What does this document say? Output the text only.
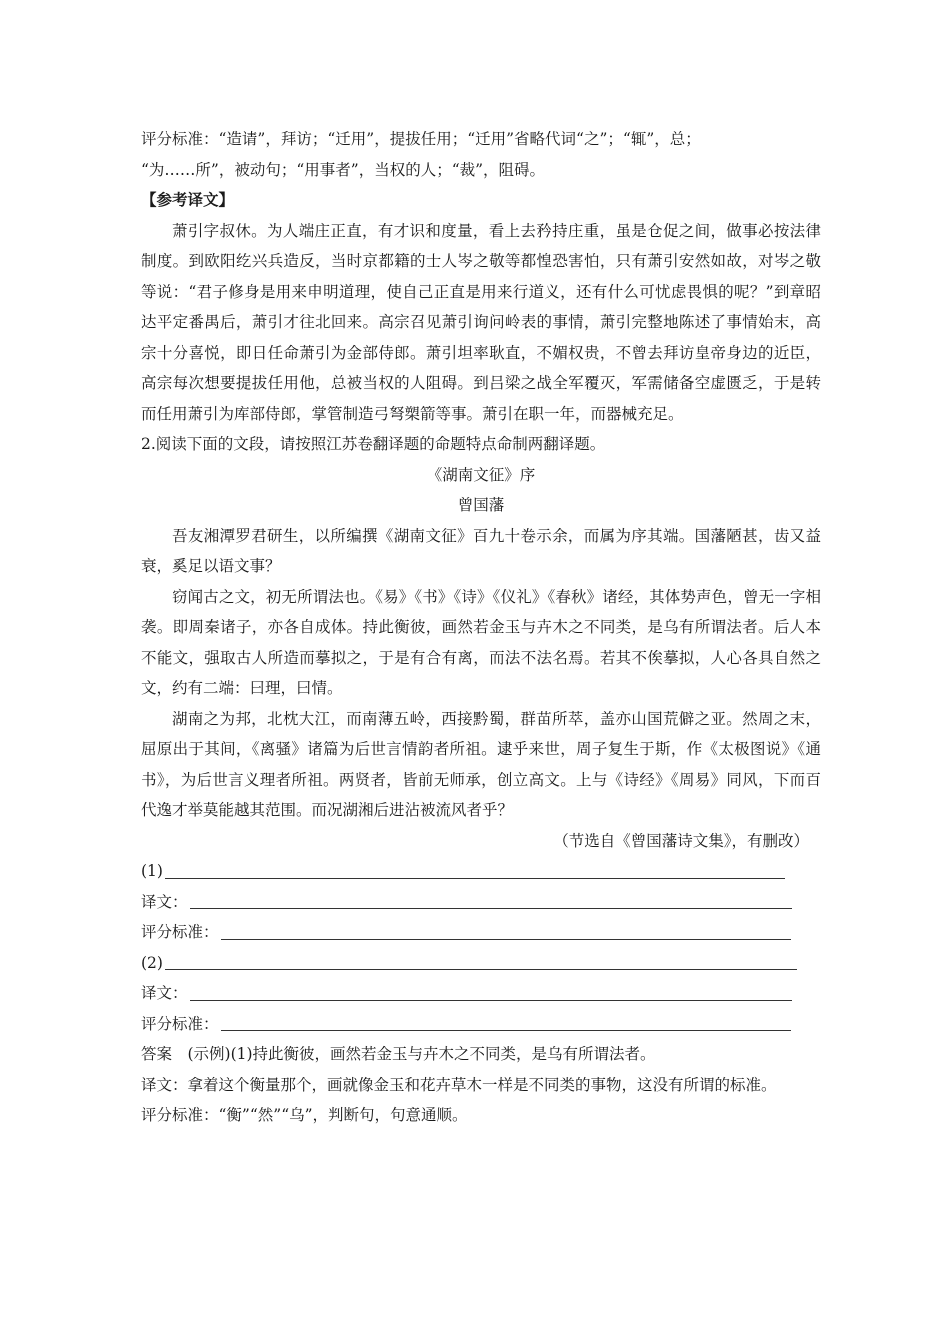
评分标准：“造请”，拜访；“迁用”，提拔任用；“迁用”省略代词“之”；“辄”，总；
“为……所”，被动句；“用事者”，当权的人；“裁”，阻碍。
【参考译文】
萧引字叔休。为人端庄正直，有才识和度量，看上去矜持庄重，虽是仓促之间，做事必按法律制度。到欧阳纥兴兵造反，当时京都籍的士人岑之敬等都惶恐害怕，只有萧引安然如故，对岑之敬等说：“君子修身是用来申明道理，使自己正直是用来行道义，还有什么可忧虑畏惧的呢？”到章昭达平定番禺后，萧引才往北回来。高宗召见萧引询问岭表的事情，萧引完整地陈述了事情始末，高宗十分喜悦，即日任命萧引为金部侍郎。萧引坦率耿直，不媚权贵，不曾去拜访皇帝身边的近臣，高宗每次想要提拔任用他，总被当权的人阻碍。到吕梁之战全军覆灭，军需储备空虚匮乏，于是转而任用萧引为库部侍郎，掌管制造弓弩槊箭等事。萧引在职一年，而器械充足。
2.阅读下面的文段，请按照江苏卷翻译题的命题特点命制两翻译题。
《湖南文征》序
曾国藩
吾友湘潭罗君研生，以所编撰《湖南文征》百九十卷示余，而属为序其端。国藩陋甚，齿又益衰，奚足以语文事？
窃闻古之文，初无所谓法也。《易》《书》《诗》《仪礼》《春秋》诸经，其体势声色，曾无一字相袭。即周秦诸子，亦各自成体。持此衡彼，画然若金玉与卉木之不同类，是乌有所谓法者。后人本不能文，强取古人所造而摹拟之，于是有合有离，而法不法名焉。若其不俟摹拟，人心各具自然之文，约有二端：曰理，曰情。
湖南之为邦，北枕大江，而南薄五岭，西接黔蜀，群苗所萃，盖亦山国荒僻之亚。然周之末，屈原出于其间，《离骚》诸篇为后世言情韵者所祖。逮乎来世，周子复生于斯，作《太极图说》《通书》，为后世言义理者所祖。两贤者，皆前无师承，创立高文。上与《诗经》《周易》同风，下而百代逸才举莫能越其范围。而况湖湘后进沾被流风者乎？
（节选自《曾国藩诗文集》，有删改）
(1)
译文：
评分标准：
(2)
译文：
评分标准：
答案　(示例)(1)持此衡彼，画然若金玉与卉木之不同类，是乌有所谓法者。
译文：拿着这个衡量那个，画就像金玉和花卉草木一样是不同类的事物，这没有所谓的标准。
评分标准：“衡”“然”“乌”，判断句，句意通顺。
